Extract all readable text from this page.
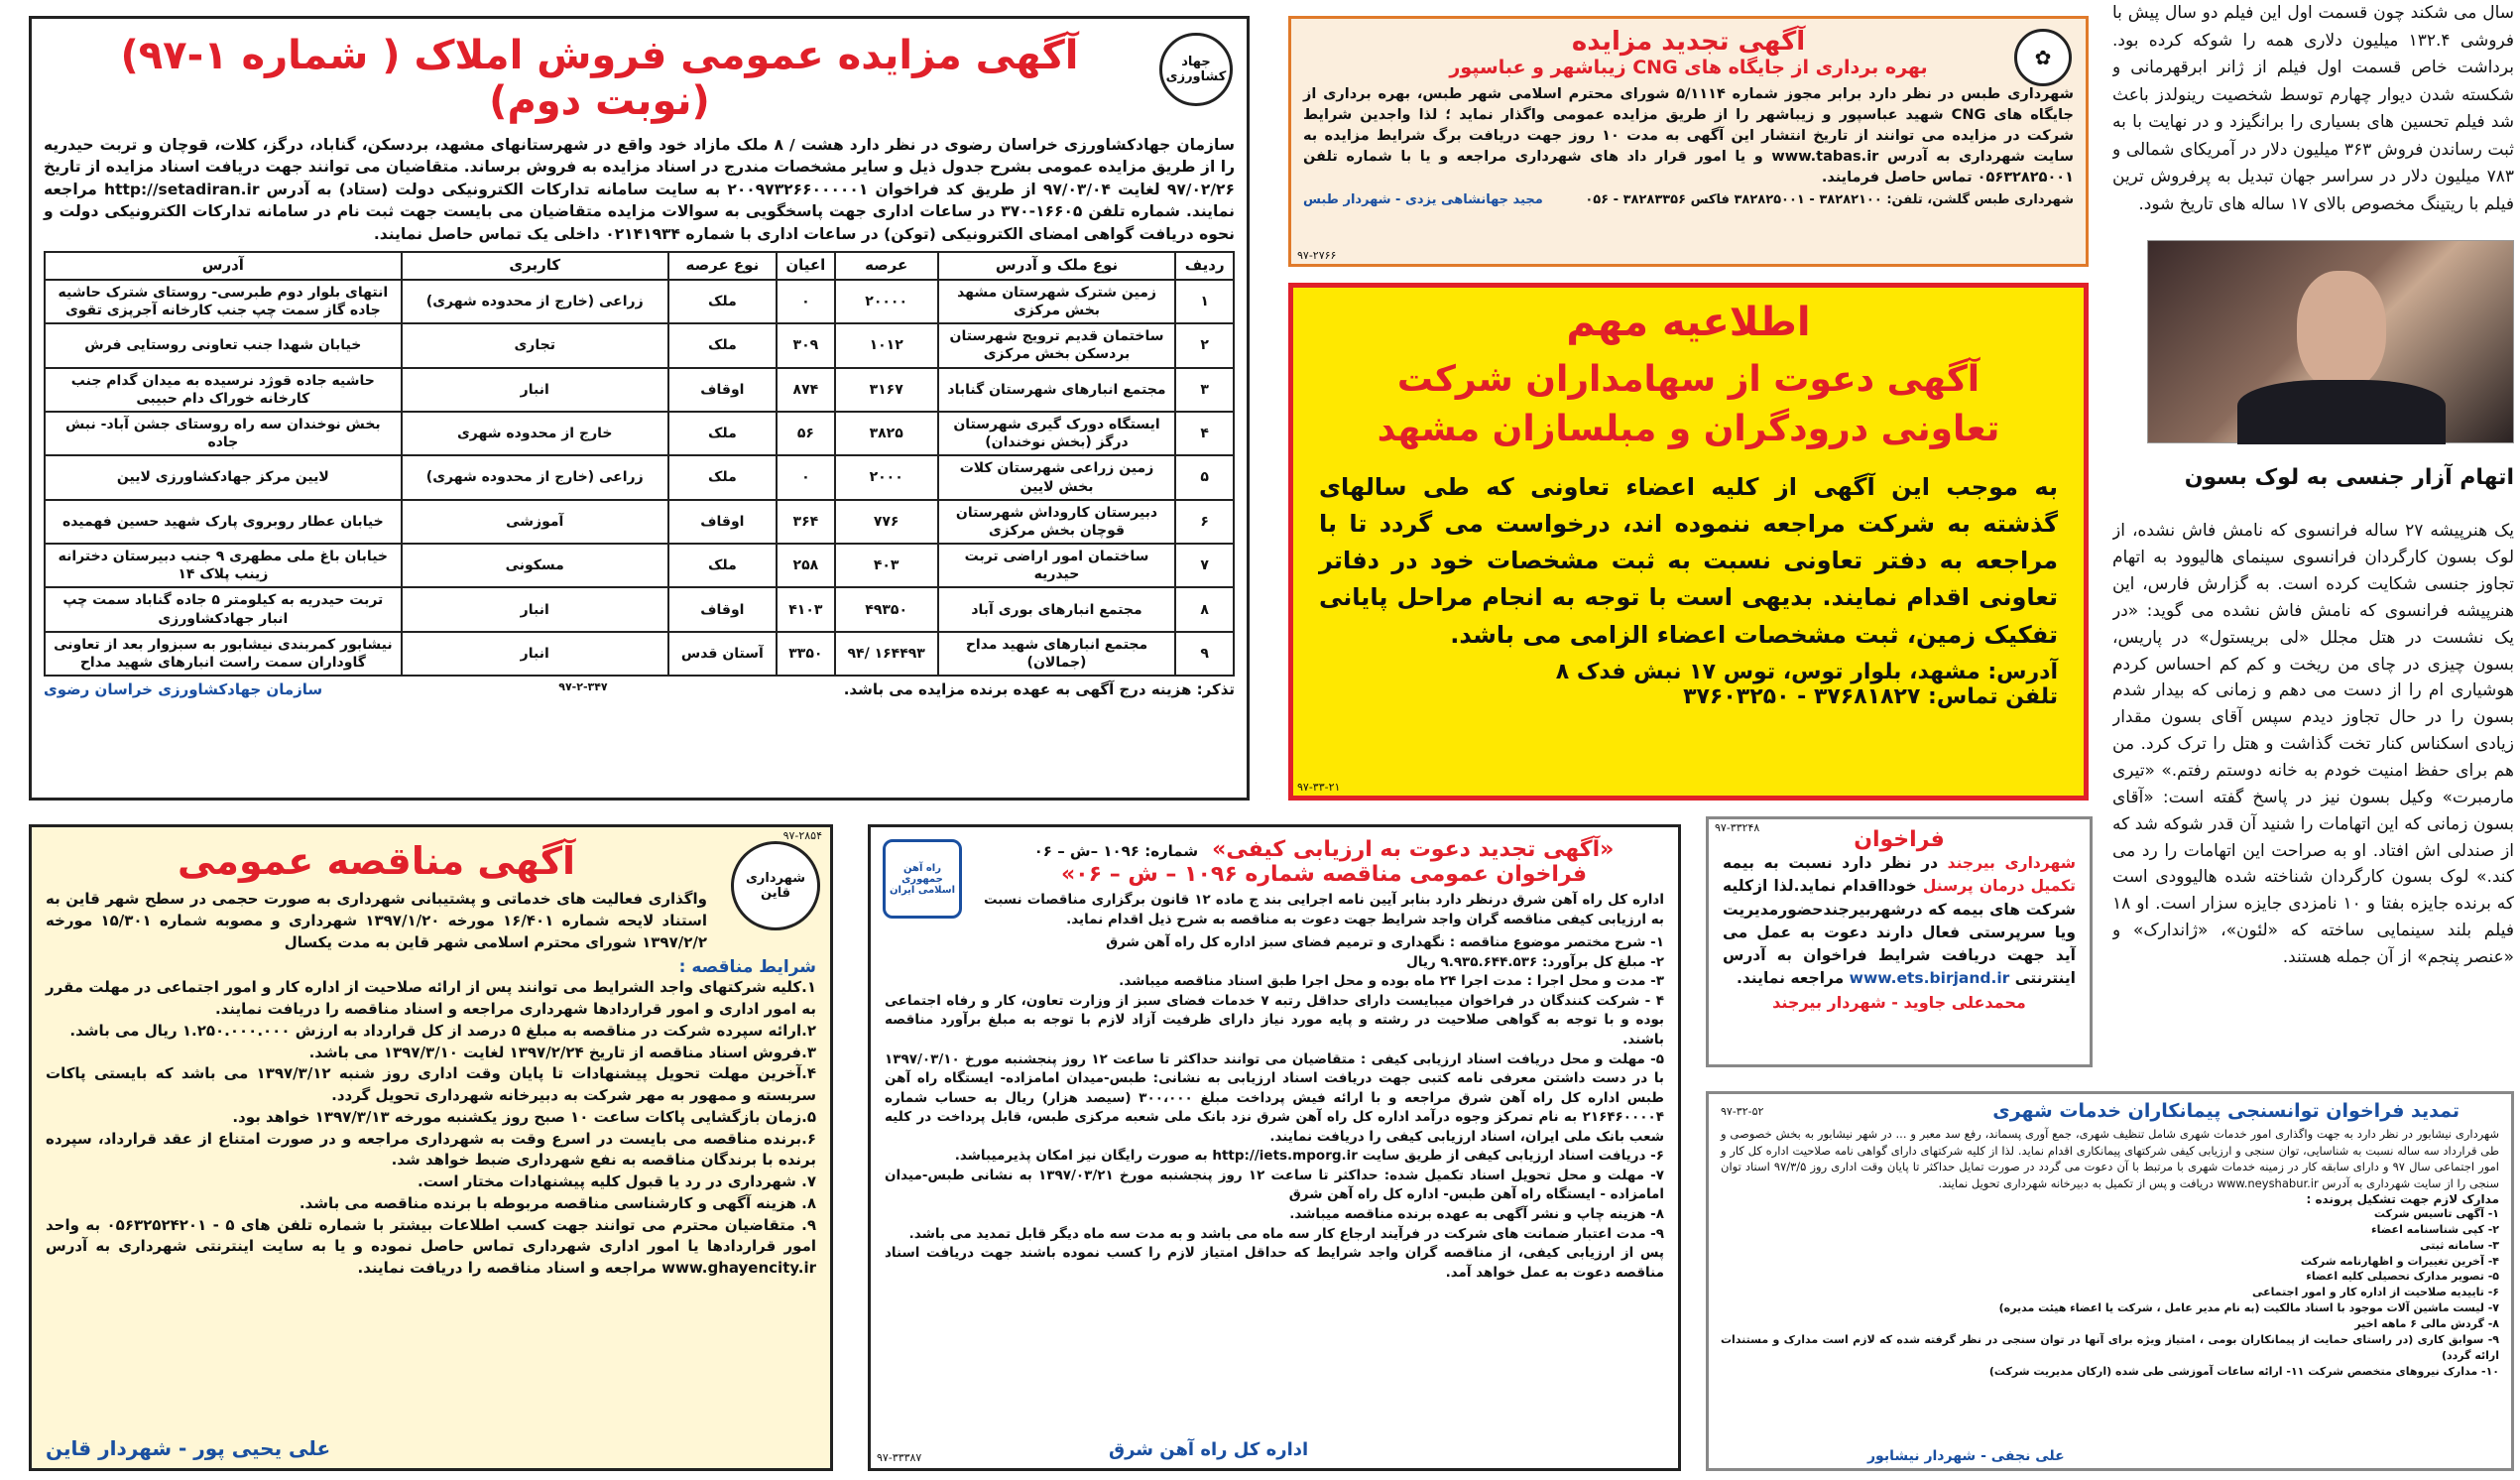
جهاد کشاورزی
آگهی مزایده عمومی فروش املاک ( شماره ۱-۹۷)(نوبت دوم)

سازمان جهادکشاورزی خراسان رضوی در نظر دارد هشت / ۸ ملک مازاد خود واقع در شهرستانهای مشهد، بردسکن، گناباد، درگز، کلات، قوچان و تربت حیدریه را از طریق مزایده عمومی بشرح جدول ذیل و سایر مشخصات مندرج در اسناد مزایده به فروش برساند. متقاضیان می توانند جهت دریافت اسناد مزایده از تاریخ ۹۷/۰۲/۲۶ لغایت ۹۷/۰۳/۰۴ از طریق کد فراخوان ۲۰۰۹۷۳۲۶۶۰۰۰۰۰۱ به سایت سامانه تدارکات الکترونیکی دولت (ستاد) به آدرس http://setadiran.ir مراجعه نمایند. شماره تلفن ۱۶۶۰۵-۳۷۰ در ساعات اداری جهت پاسخگویی به سوالات مزایده متقاضیان می بایست جهت ثبت نام در سامانه تدارکات الکترونیکی دولت و نحوه دریافت گواهی امضای الکترونیکی (توکن) در ساعات اداری با شماره ۰۲۱۴۱۹۳۴ داخلی یک تماس حاصل نمایند.

ردیف	نوع ملک و آدرس	عرصه	اعیان	نوع عرصه	کاربری	آدرس
۱	زمین شترک شهرستان مشهد بخش مرکزی	۲۰۰۰۰	۰	ملک	زراعی (خارج از محدوده شهری)	انتهای بلوار دوم طبرسی- روستای شترک حاشیه جاده گاز سمت چپ جنب کارخانه آجرپزی تقوی
۲	ساختمان قدیم ترویج شهرستان بردسکن بخش مرکزی	۱۰۱۲	۳۰۹	ملک	تجاری	خیابان شهدا جنب تعاونی روستایی فرش
۳	مجتمع انبارهای شهرستان گناباد	۳۱۶۷	۸۷۴	اوقاف	انبار	حاشیه جاده قوژد نرسیده به میدان گدام جنب کارخانه خوراک دام حبیبی
۴	ایستگاه دورک گیری شهرستان درگز (بخش نوخندان)	۳۸۲۵	۵۶	ملک	خارج از محدوده شهری	بخش نوخندان سه راه روستای جشن آباد- نبش جاده
۵	زمین زراعی شهرستان کلات بخش لایین	۲۰۰۰	۰	ملک	زراعی (خارج از محدوده شهری)	لایین مرکز جهادکشاورزی لایین
۶	دبیرستان کاروداش شهرستان قوچان بخش مرکزی	۷۷۶	۳۶۴	اوقاف	آموزشی	خیابان عطار روبروی پارک شهید حسین فهمیده
۷	ساختمان امور اراضی تربت حیدریه	۴۰۳	۲۵۸	ملک	مسکونی	خیابان باغ ملی مطهری ۹ جنب دبیرستان دخترانه زینب پلاک ۱۴
۸	مجتمع انبارهای بوری آباد	۴۹۳۵۰	۴۱۰۳	اوقاف	انبار	تربت حیدریه به کیلومتر ۵ جاده گناباد سمت چپ انبار جهادکشاورزی
۹	مجتمع انبارهای شهید مداح (جمالان)	۱۶۴۴۹۳ /۹۴	۳۳۵۰	آستان قدس	انبار	نیشابور کمربندی نیشابور به سبزوار بعد از تعاونی گاوداران سمت راست انبارهای شهید مداح
تذکر: هزینه درج آگهی به عهده برنده مزایده می باشد.
۹۷-۲-۳۴۷
سازمان جهادکشاورزی خراسان رضوی
✿
آگهی تجدید مزایده
بهره برداری از جایگاه های CNG زیباشهر و عباسپور

شهرداری طبس در نظر دارد برابر مجوز شماره ۵/۱۱۱۴ شورای محترم اسلامی شهر طبس، بهره برداری از جایگاه های CNG شهید عباسپور و زیباشهر را از طریق مزایده عمومی واگذار نماید ؛ لذا واجدین شرایط شرکت در مزایده می توانند از تاریخ انتشار این آگهی به مدت ۱۰ روز جهت دریافت برگ شرایط مزایده به سایت شهرداری به آدرس www.tabas.ir و یا امور قرار داد های شهرداری مراجعه و یا با شماره تلفن ۰۵۶۳۲۸۲۵۰۰۱ تماس حاصل فرمایند.

شهرداری طبس گلشن، تلفن: ۳۸۲۸۲۱۰۰ - ۳۸۲۸۲۵۰۰۱ فاکس ۳۸۲۸۳۳۵۶ - ۰۵۶
مجید جهانشاهی یزدی - شهردار طبس
۹۷-۲۷۶۶
اطلاعیه مهم
آگهی دعوت از سهامداران شرکت تعاونی درودگران و مبلسازان مشهد

به موجب این آگهی از کلیه اعضاء تعاونی که طی سالهای گذشته به شرکت مراجعه ننموده اند، درخواست می گردد تا با مراجعه به دفتر تعاونی نسبت به ثبت مشخصات خود در دفاتر تعاونی اقدام نمایند. بدیهی است با توجه به انجام مراحل پایانی تفکیک زمین، ثبت مشخصات اعضاء الزامی می باشد.

آدرس: مشهد، بلوار توس، توس ۱۷ نبش فدک ۸
تلفن تماس: ۳۷۶۸۱۸۲۷ - ۳۷۶۰۳۲۵۰
۹۷-۳۳-۲۱

سال می شکند چون قسمت اول این فیلم دو سال پیش با فروشی ۱۳۲.۴ میلیون دلاری همه را شوکه کرده بود. برداشت خاص قسمت اول فیلم از ژانر ابرقهرمانی و شکسته شدن دیوار چهارم توسط شخصیت رینولدز باعث شد فیلم تحسین های بسیاری را برانگیزد و در نهایت با به ثبت رساندن فروش ۳۶۳ میلیون دلار در آمریکای شمالی و ۷۸۳ میلیون دلار در سراسر جهان تبدیل به پرفروش ترین فیلم با ریتینگ مخصوص بالای ۱۷ ساله های تاریخ شود.

اتهام آزار جنسی به لوک بسون

یک هنرپیشه ۲۷ ساله فرانسوی که نامش فاش نشده، از لوک بسون کارگردان فرانسوی سینمای هالیوود به اتهام تجاوز جنسی شکایت کرده است. به گزارش فارس، این هنرپیشه فرانسوی که نامش فاش نشده می گوید: «در یک نشست در هتل مجلل «لی بریستول» در پاریس، بسون چیزی در چای من ریخت و کم کم احساس کردم هوشیاری ام را از دست می دهم و زمانی که بیدار شدم بسون را در حال تجاوز دیدم سپس آقای بسون مقدار زیادی اسکناس کنار تخت گذاشت و هتل را ترک کرد. من هم برای حفظ امنیت خودم به خانه دوستم رفتم.» «تیری مارمبرت» وکیل بسون نیز در پاسخ گفته است: «آقای بسون زمانی که این اتهامات را شنید آن قدر شوکه شد که از صندلی اش افتاد. او به صراحت این اتهامات را رد می کند.» لوک بسون کارگردان شناخته شده هالیوودی است که برنده جایزه بفتا و ۱۰ نامزدی جایزه سزار است. او ۱۸ فیلم بلند سینمایی ساخته که «لئون»، «ژاندارک» و «عنصر پنجم» از آن جمله هستند.

شهرداری قاین
۹۷-۲۸۵۴
آگهی مناقصه عمومی

واگذاری فعالیت های خدماتی و پشتیبانی شهرداری به صورت حجمی در سطح شهر قاین به استناد لایحه شماره ۱۶/۴۰۱ مورخه ۱۳۹۷/۱/۲۰ شهرداری و مصوبه شماره ۱۵/۳۰۱ مورخه ۱۳۹۷/۲/۲ شورای محترم اسلامی شهر قاین به مدت یکسال

شرایط مناقصه :
۱.کلیه شرکتهای واجد الشرایط می توانند پس از ارائه صلاحیت از اداره کار و امور اجتماعی در مهلت مقرر به امور اداری و امور قراردادها شهرداری مراجعه و اسناد مناقصه را دریافت نمایند.
۲.ارائه سپرده شرکت در مناقصه به مبلغ ۵ درصد از کل قرارداد به ارزش ۱.۲۵۰.۰۰۰.۰۰۰ ریال می باشد.
۳.فروش اسناد مناقصه از تاریخ ۱۳۹۷/۲/۲۴ لغایت ۱۳۹۷/۳/۱۰ می باشد.
۴.آخرین مهلت تحویل پیشنهادات تا پایان وقت اداری روز شنبه ۱۳۹۷/۳/۱۲ می باشد که بایستی پاکات سربسته و ممهور به مهر شرکت به دبیرخانه شهرداری تحویل گردد.
۵.زمان بازگشایی پاکات ساعت ۱۰ صبح روز یکشنبه مورخه ۱۳۹۷/۳/۱۳ خواهد بود.
۶.برنده مناقصه می بایست در اسرع وقت به شهرداری مراجعه و در صورت امتناع از عقد قرارداد، سپرده برنده با برندگان مناقصه به نفع شهرداری ضبط خواهد شد.
۷. شهرداری در رد یا قبول کلیه پیشنهادات مختار است.
۸. هزینه آگهی و کارشناسی مناقصه مربوطه با برنده مناقصه می باشد.
۹. متقاضیان محترم می توانند جهت کسب اطلاعات بیشتر با شماره تلفن های ۵ - ۰۵۶۳۲۵۲۴۲۰۱ به واحد امور قراردادها یا امور اداری شهرداری تماس حاصل نموده و یا به سایت اینترنتی شهرداری به آدرس www.ghayencity.ir مراجعه و اسناد مناقصه را دریافت نمایند.
علی یحیی پور - شهردار قاین
راه آهن جمهوری اسلامی ایران
«آگهی تجدید دعوت به ارزیابی کیفی»
شماره: ۱۰۹۶ –ش – ۰۶
فراخوان عمومی مناقصه شماره ۱۰۹۶ – ش – ۰۶»

اداره کل راه آهن شرق درنظر دارد بنابر آیین نامه اجرایی بند ج ماده ۱۲ قانون برگزاری مناقصات نسبت به ارزیابی کیفی مناقصه گران واجد شرایط جهت دعوت به مناقصه به شرح ذیل اقدام نماید.

۱- شرح مختصر موضوع مناقصه : نگهداری و ترمیم فضای سبز اداره کل راه آهن شرق
۲- مبلغ کل برآورد: ۹.۹۳۵.۶۴۴.۵۳۶ ریال
۳- مدت و محل اجرا : مدت اجرا ۲۴ ماه بوده و محل اجرا طبق اسناد مناقصه میباشد.
۴ - شرکت کنندگان در فراخوان میبایست دارای حداقل رتبه ۷ خدمات فضای سبز از وزارت تعاون، کار و رفاه اجتماعی بوده و با توجه به گواهی صلاحیت در رشته و پایه مورد نیاز دارای ظرفیت آزاد لازم با توجه به مبلغ برآورد مناقصه باشند.
۵- مهلت و محل دریافت اسناد ارزیابی کیفی : متقاضیان می توانند حداکثر تا ساعت ۱۲ روز پنجشنبه مورخ ۱۳۹۷/۰۳/۱۰ با در دست داشتن معرفی نامه کتبی جهت دریافت اسناد ارزیابی به نشانی: طبس-میدان امامزاده- ایستگاه راه آهن طبس اداره کل راه آهن شرق مراجعه و با ارائه فیش پرداخت مبلغ ۳۰۰،۰۰۰ (سیصد هزار) ریال به حساب شماره ۲۱۶۴۶۰۰۰۰۴ به نام تمرکز وجوه درآمد اداره کل راه آهن شرق نزد بانک ملی شعبه مرکزی طبس، قابل پرداخت در کلیه شعب بانک ملی ایران، اسناد ارزیابی کیفی را دریافت نمایند.
۶- دریافت اسناد ارزیابی کیفی از طریق سایت http://iets.mporg.ir به صورت رایگان نیز امکان پذیرمیباشد.
۷- مهلت و محل تحویل اسناد تکمیل شده: حداکثر تا ساعت ۱۲ روز پنجشنبه مورخ ۱۳۹۷/۰۳/۲۱ به نشانی طبس-میدان امامزاده - ایستگاه راه آهن طبس- اداره کل راه آهن شرق
۸- هزینه چاپ و نشر آگهی به عهده برنده مناقصه میباشد.
۹- مدت اعتبار ضمانت های شرکت در فرآیند ارجاع کار سه ماه می باشد و به مدت سه ماه دیگر قابل تمدید می باشد.
پس از ارزیابی کیفی، از مناقصه گران واجد شرایط که حداقل امتیاز لازم را کسب نموده باشند جهت دریافت اسناد مناقصه دعوت به عمل خواهد آمد.
اداره کل راه آهن شرق
۹۷-۳۳۳۸۷
۹۷-۳۳۲۴۸	فراخوان

شهرداری بیرجند در نظر دارد نسبت به بیمه تکمیل درمان پرسنل خودااقدام نماید.لذا ازکلیه شرکت های بیمه که درشهربیرجندحضورمدیریت ویا سرپرستی فعال دارند دعوت به عمل می آید جهت دریافت شرایط فراخوان به آدرس اینترنتی www.ets.birjand.ir مراجعه نمایند.

محمدعلی جاوید - شهردار بیرجند
تمدید فراخوان توانسنجی پیمانکاران خدمات شهری
۹۷-۳۲-۵۲

شهرداری نیشابور در نظر دارد به جهت واگذاری امور خدمات شهری شامل تنظیف شهری، جمع آوری پسماند، رفع سد معبر و ... در شهر نیشابور به بخش خصوصی و طی قرارداد سه ساله نسبت به شناسایی، توان سنجی و ارزیابی کیفی شرکتهای پیمانکاری اقدام نماید. لذا از کلیه شرکتهای دارای گواهی نامه صلاحیت اداره کل کار و امور اجتماعی سال ۹۷ و دارای سابقه کار در زمینه خدمات شهری با مرتبط با آن دعوت می گردد در صورت تمایل حداکثر تا پایان وقت اداری روز ۹۷/۳/۵ اسناد توان سنجی را از سایت شهرداری به آدرس www.neyshabur.ir دریافت و پس از تکمیل به دبیرخانه شهرداری تحویل نمایند.

مدارک لازم جهت تشکیل پرونده :
۱- آگهی تاسیس شرکت
۲- کپی شناسنامه اعضاء
۳- سامانه ثبتی
۴- آخرین تغییرات و اظهارنامه شرکت
۵- تصویر مدارک تحصیلی کلیه اعضاء
۶- تاییدیه صلاحیت از اداره کار و امور اجتماعی
۷- لیست ماشین آلات موجود با اسناد مالکیت (به نام مدیر عامل ، شرکت یا اعضاء هیئت مدیره)
۸- گردش مالی ۶ ماهه اخیر
۹- سوابق کاری (در راستای حمایت از پیمانکاران بومی ، امتیاز ویژه برای آنها در توان سنجی در نظر گرفته شده که لازم است مدارک و مستندات ارائه گردد)
۱۰- مدارک نیروهای متخصص شرکت ۱۱- ارائه ساعات آموزشی طی شده (ارکان مدیریت شرکت)
علی نجفی - شهردار نیشابور
